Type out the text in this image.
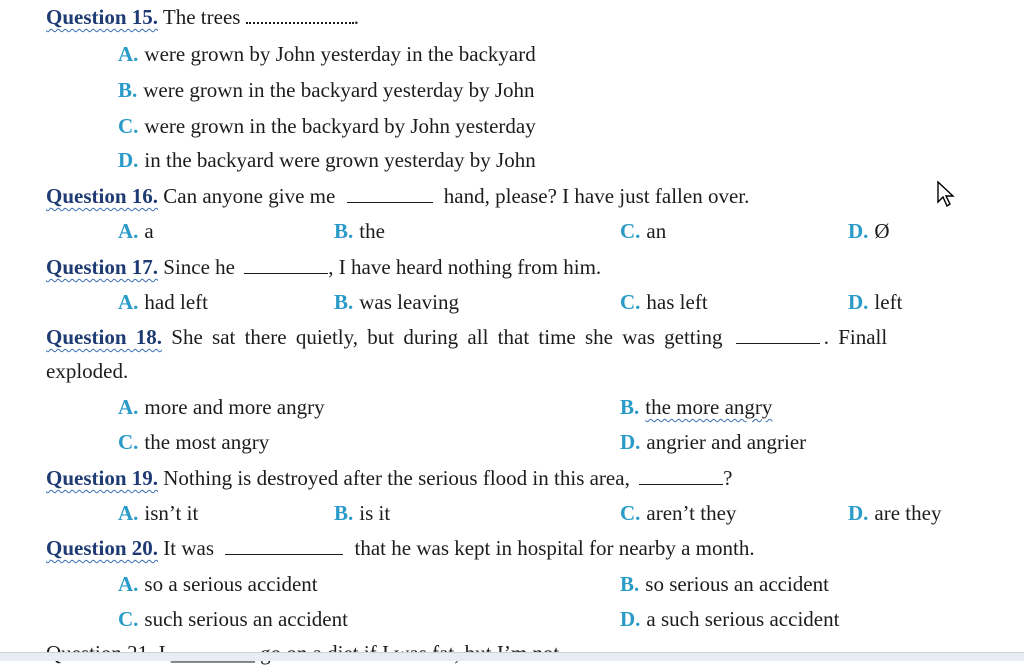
Question 15. The trees	.
A. were grown by John yesterday in the backyard
B. were grown in the backyard yesterday by John
C. were grown in the backyard by John yesterday
D. in the backyard were grown yesterday by John
Question 16. Can anyone give me	hand, please? I have just fallen over.
A. a	B. the	C. an	D. Ø
Question 17. Since he	, I have heard nothing from him.
A. had left	B. was leaving	C. has left	D. left
Question 18. She sat there quietly, but during all that time she was getting	. Finall
exploded.
A. more and more angry	B. the more angry
C. the most angry	D. angrier and angrier
Question 19. Nothing is destroyed after the serious flood in this area,	?
A. isn’t it	B. is it	C. aren’t they	D. are they
Question 20. It was	that he was kept in hospital for nearby a month.
A. so a serious accident	B. so serious an accident
C. such serious an accident	D. a such serious accident
